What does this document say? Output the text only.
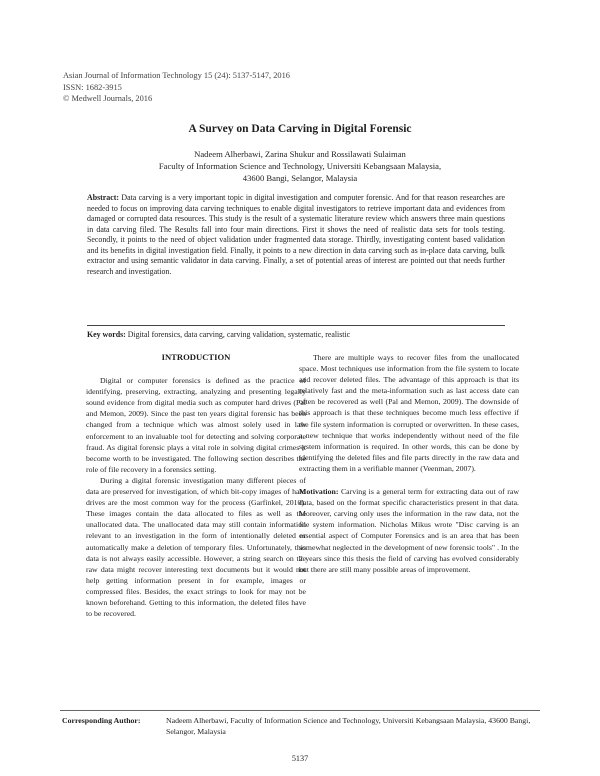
Asian Journal of Information Technology 15 (24): 5137-5147, 2016
ISSN: 1682-3915
© Medwell Journals, 2016
A Survey on Data Carving in Digital Forensic
Nadeem Alherbawi, Zarina Shukur and Rossilawati Sulaiman
Faculty of Information Science and Technology, Universiti Kebangsaan Malaysia,
43600 Bangi, Selangor, Malaysia
Abstract: Data carving is a very important topic in digital investigation and computer forensic. And for that reason researches are needed to focus on improving data carving techniques to enable digital investigators to retrieve important data and evidences from damaged or corrupted data resources. This study is the result of a systematic literature review which answers three main questions in data carving filed. The Results fall into four main directions. First it shows the need of realistic data sets for tools testing. Secondly, it points to the need of object validation under fragmented data storage. Thirdly, investigating content based validation and its benefits in digital investigation field. Finally, it points to a new direction in data carving such as in-place data carving, bulk extractor and using semantic validator in data carving. Finally, a set of potential areas of interest are pointed out that needs further research and investigation.
Key words: Digital forensics, data carving, carving validation, systematic, realistic
INTRODUCTION

Digital or computer forensics is defined as the practice of identifying, preserving, extracting, analyzing and presenting legally sound evidence from digital media such as computer hard drives (Pal and Memon, 2009). Since the past ten years digital forensic has been changed from a technique which was almost solely used in law enforcement to an invaluable tool for detecting and solving corporate fraud. As digital forensic plays a vital role in solving digital crimes it become worth to be investigated. The following section describes the role of file recovery in a forensics setting.

During a digital forensic investigation many different pieces of data are preserved for investigation, of which bit-copy images of hard drives are the most common way for the process (Garfinkel, 2010). These images contain the data allocated to files as well as the unallocated data. The unallocated data may still contain information relevant to an investigation in the form of intentionally deleted or automatically make a deletion of temporary files. Unfortunately, this data is not always easily accessible. However, a string search on the raw data might recover interesting text documents but it would not help getting information present in for example, images or compressed files. Besides, the exact strings to look for may not be known beforehand. Getting to this information, the deleted files have to be recovered.

There are multiple ways to recover files from the unallocated space. Most techniques use information from the file system to locate and recover deleted files. The advantage of this approach is that its relatively fast and the meta-information such as last access date can often be recovered as well (Pal and Memon, 2009). The downside of this approach is that these techniques become much less effective if the file system information is corrupted or overwritten. In these cases, a new technique that works independently without need of the file system information is required. In other words, this can be done by identifying the deleted files and file parts directly in the raw data and extracting them in a verifiable manner (Veenman, 2007).

Motivation: Carving is a general term for extracting data out of raw data, based on the format specific characteristics present in that data. Moreover, carving only uses the information in the raw data, not the file system information. Nicholas Mikus wrote "Disc carving is an essential aspect of Computer Forensics and is an area that has been somewhat neglected in the development of new forensic tools" . In the 2 years since this thesis the field of carving has evolved considerably but there are still many possible areas of improvement.

Corresponding Author:	Nadeem Alherbawi, Faculty of Information Science and Technology, Universiti Kebangsaan Malaysia, 43600 Bangi, Selangor, Malaysia
5137
